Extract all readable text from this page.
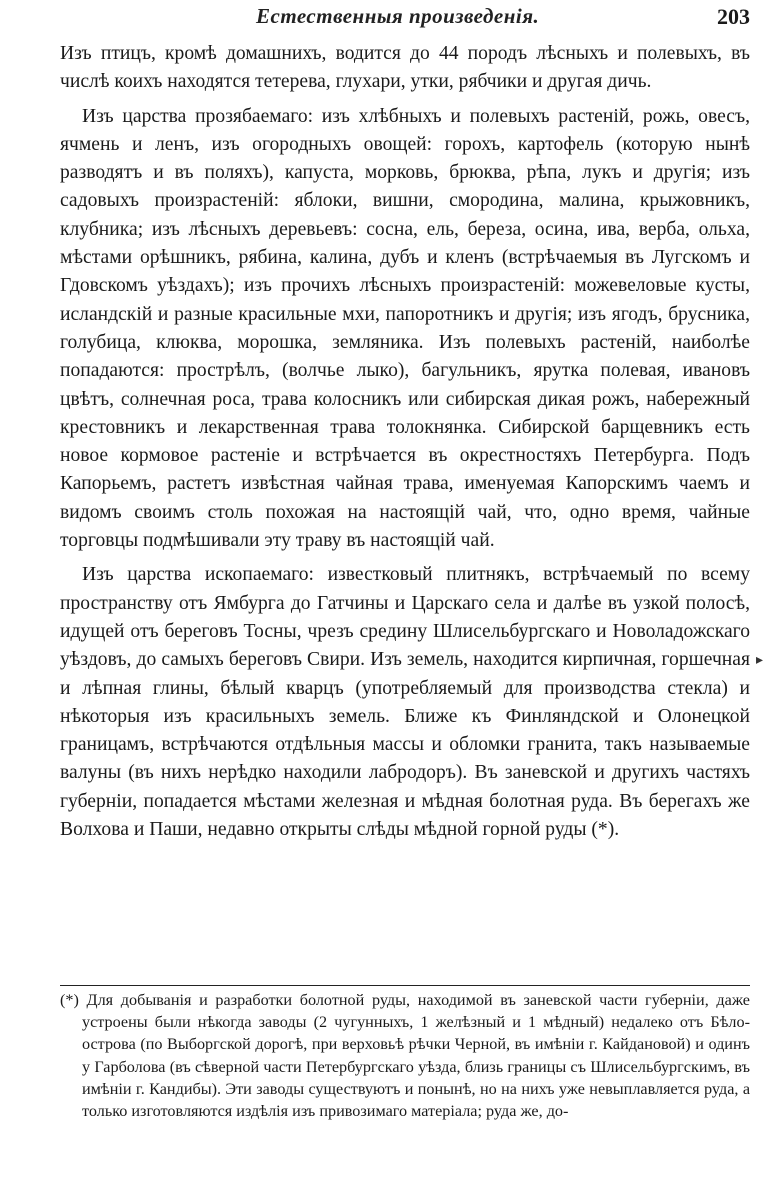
Естественныя произведенiя.	203

Изъ птицъ, кромѣ домашнихъ, водится до 44 породъ лѣсныхъ и полевыхъ, въ числѣ коихъ находятся тетерева, глухари, утки, рябчики и другая дичь.

Изъ царства прозябаемаго: изъ хлѣбныхъ и полевыхъ растенiй, рожь, овесъ, ячмень и ленъ, изъ огородныхъ овощей: горохъ, картофель (которую нынѣ разводятъ и въ поляхъ), капуста, морковь, брюква, рѣпа, лукъ и другiя; изъ садовыхъ произрастенiй: яблоки, вишни, смородина, малина, крыжовникъ, клубника; изъ лѣсныхъ деревьевъ: сосна, ель, береза, осина, ива, верба, ольха, мѣстами орѣшникъ, рябина, калина, дубъ и кленъ (встрѣчаемыя въ Лугскомъ и Гдовскомъ уѣздахъ); изъ прочихъ лѣсныхъ произрастенiй: можевеловые кусты, исландскiй и разные красильные мхи, папоротникъ и другiя; изъ ягодъ, брусника, голубица, клюква, морошка, земляника. Изъ полевыхъ растенiй, наиболѣе попадаются: прострѣлъ, (волчье лыко), багульникъ, ярутка полевая, ивановъ цвѣтъ, солнечная роса, трава колосникъ или сибирская дикая рожъ, набережный крестовникъ и лекарственная трава толокнянка. Сибирской барщевникъ есть новое кормовое растенiе и встрѣчается въ окрестностяхъ Петербурга. Подъ Капорьемъ, растетъ извѣстная чайная трава, именуемая Капорскимъ чаемъ и видомъ своимъ столь похожая на настоящiй чай, что, одно время, чайные торговцы подмѣшивали эту траву въ настоящiй чай.

Изъ царства ископаемаго: известковый плитнякъ, встрѣчаемый по всему пространству отъ Ямбурга до Гатчины и Царскаго села и далѣе въ узкой полосѣ, идущей отъ береговъ Тосны, чрезъ средину Шлисельбургскаго и Новоладожскаго уѣздовъ, до самыхъ береговъ Свири. Изъ земель, находится кирпичная, горшечная и лѣпная глины, бѣлый кварцъ (употребляемый для производства стекла) и нѣкоторыя изъ красильныхъ земель. Ближе къ Финляндской и Олонецкой границамъ, встрѣчаются отдѣльныя массы и обломки гранита, такъ называемые валуны (въ нихъ нерѣдко находили лабродоръ). Въ заневской и другихъ частяхъ губернiи, попадается мѣстами железная и мѣдная болотная руда. Въ берегахъ же Волхова и Паши, недавно открыты слѣды мѣдной горной руды (*).

▸

(*) Для добыванiя и разработки болотной руды, находимой въ заневской части губернiи, даже устроены были нѣкогда заводы (2 чугунныхъ, 1 желѣзный и 1 мѣдный) недалеко отъ Бѣло-острова (по Выборгской дорогѣ, при верховьѣ рѣчки Черной, въ имѣнiи г. Кайдановой) и одинъ у Гарболова (въ сѣверной части Петербургскаго уѣзда, близь границы съ Шлисельбургскимъ, въ имѣнiи г. Кандибы). Эти заводы существуютъ и понынѣ, но на нихъ уже невыплавляется руда, а только изготовляются издѣлiя изъ привозимаго матерiала; руда же, до-
